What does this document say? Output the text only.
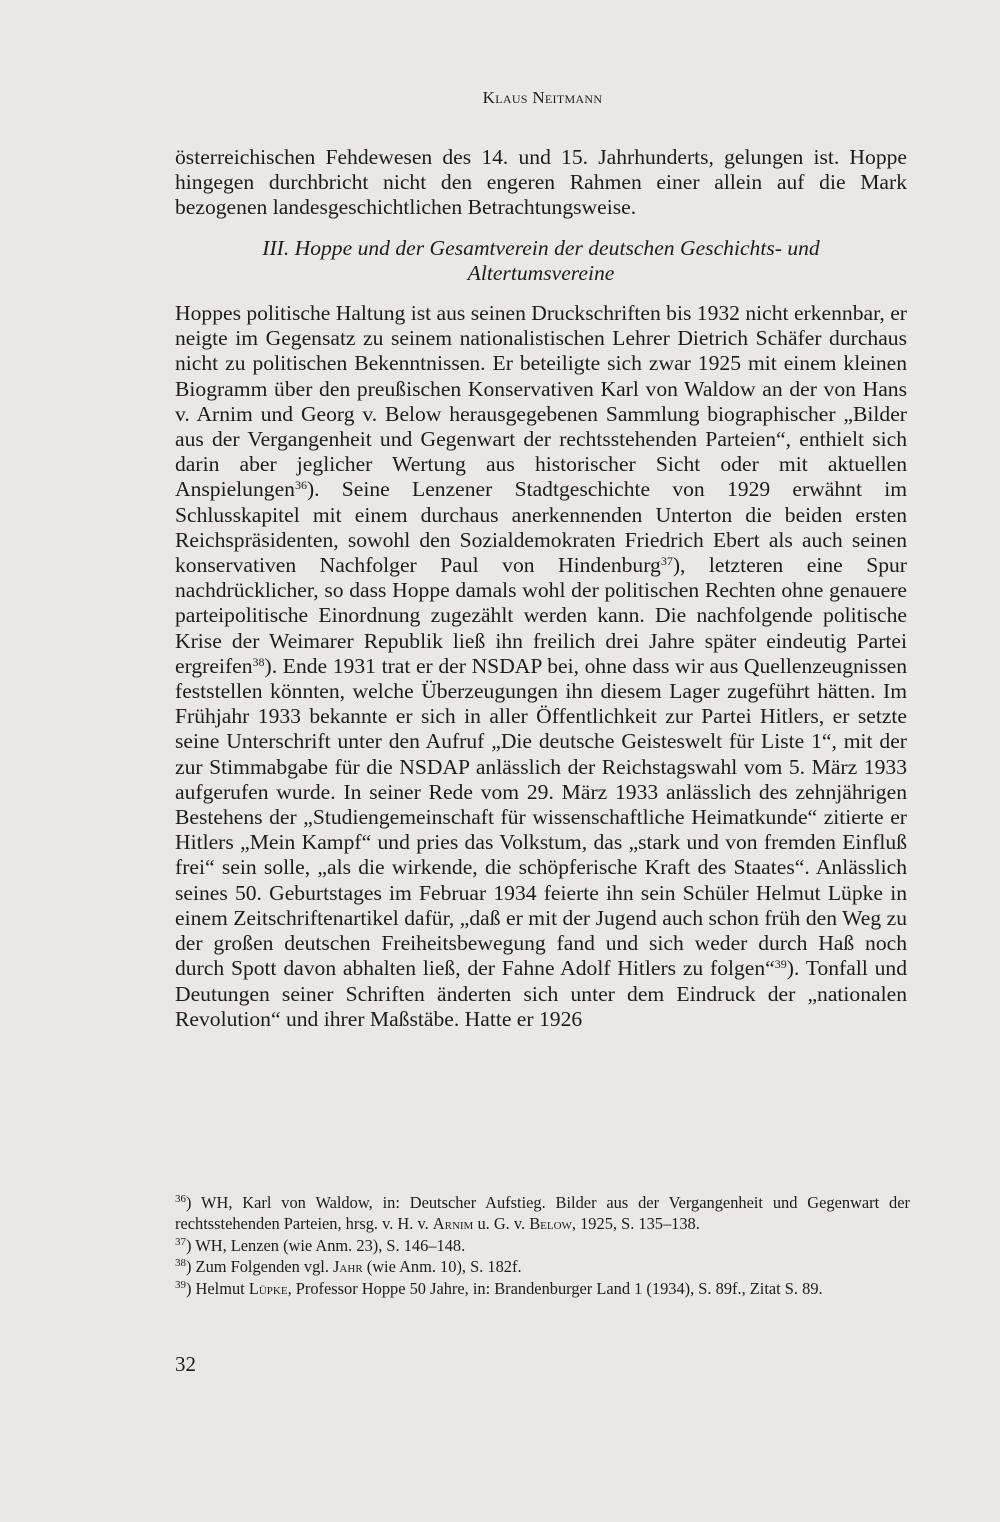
Klaus Neitmann

österreichischen Fehdewesen des 14. und 15. Jahrhunderts, gelungen ist. Hoppe hingegen durchbricht nicht den engeren Rahmen einer allein auf die Mark bezogenen landesgeschichtlichen Betrachtungsweise.

III. Hoppe und der Gesamtverein der deutschen Geschichts- und
Altertumsvereine

Hoppes politische Haltung ist aus seinen Druckschriften bis 1932 nicht erkennbar, er neigte im Gegensatz zu seinem nationalistischen Lehrer Dietrich Schäfer durchaus nicht zu politischen Bekenntnissen. Er beteiligte sich zwar 1925 mit einem kleinen Biogramm über den preußischen Konservativen Karl von Waldow an der von Hans v. Arnim und Georg v. Below herausgegebenen Sammlung biographischer „Bilder aus der Vergangenheit und Gegenwart der rechtsstehenden Parteien“, enthielt sich darin aber jeglicher Wertung aus historischer Sicht oder mit aktuellen Anspielungen$^{36}$). Seine Lenzener Stadtgeschichte von 1929 erwähnt im Schlusskapitel mit einem durchaus anerkennenden Unterton die beiden ersten Reichspräsidenten, sowohl den Sozialdemokraten Friedrich Ebert als auch seinen konservativen Nachfolger Paul von Hindenburg$^{37}$), letzteren eine Spur nachdrücklicher, so dass Hoppe damals wohl der politischen Rechten ohne genauere parteipolitische Einordnung zugezählt werden kann. Die nachfolgende politische Krise der Weimarer Republik ließ ihn freilich drei Jahre später eindeutig Partei ergreifen$^{38}$). Ende 1931 trat er der NSDAP bei, ohne dass wir aus Quellenzeugnissen feststellen könnten, welche Überzeugungen ihn diesem Lager zugeführt hätten. Im Frühjahr 1933 bekannte er sich in aller Öffentlichkeit zur Partei Hitlers, er setzte seine Unterschrift unter den Aufruf „Die deutsche Geisteswelt für Liste 1“, mit der zur Stimmabgabe für die NSDAP anlässlich der Reichstagswahl vom 5. März 1933 aufgerufen wurde. In seiner Rede vom 29. März 1933 anlässlich des zehnjährigen Bestehens der „Studiengemeinschaft für wissenschaftliche Heimatkunde“ zitierte er Hitlers „Mein Kampf“ und pries das Volkstum, das „stark und von fremden Einfluß frei“ sein solle, „als die wirkende, die schöpferische Kraft des Staates“. Anlässlich seines 50. Geburtstages im Februar 1934 feierte ihn sein Schüler Helmut Lüpke in einem Zeitschriftenartikel dafür, „daß er mit der Jugend auch schon früh den Weg zu der großen deutschen Freiheitsbewegung fand und sich weder durch Haß noch durch Spott davon abhalten ließ, der Fahne Adolf Hitlers zu folgen“$^{39}$). Tonfall und Deutungen seiner Schriften änderten sich unter dem Eindruck der „nationalen Revolution“ und ihrer Maßstäbe. Hatte er 1926

$^{36}$) WH, Karl von Waldow, in: Deutscher Aufstieg. Bilder aus der Vergangenheit und Gegenwart der rechtsstehenden Parteien, hrsg. v. H. v. Arnim u. G. v. Below, 1925, S. 135–138.

$^{37}$) WH, Lenzen (wie Anm. 23), S. 146–148.

$^{38}$) Zum Folgenden vgl. Jahr (wie Anm. 10), S. 182f.

$^{39}$) Helmut Lüpke, Professor Hoppe 50 Jahre, in: Brandenburger Land 1 (1934), S. 89f., Zitat S. 89.

32
